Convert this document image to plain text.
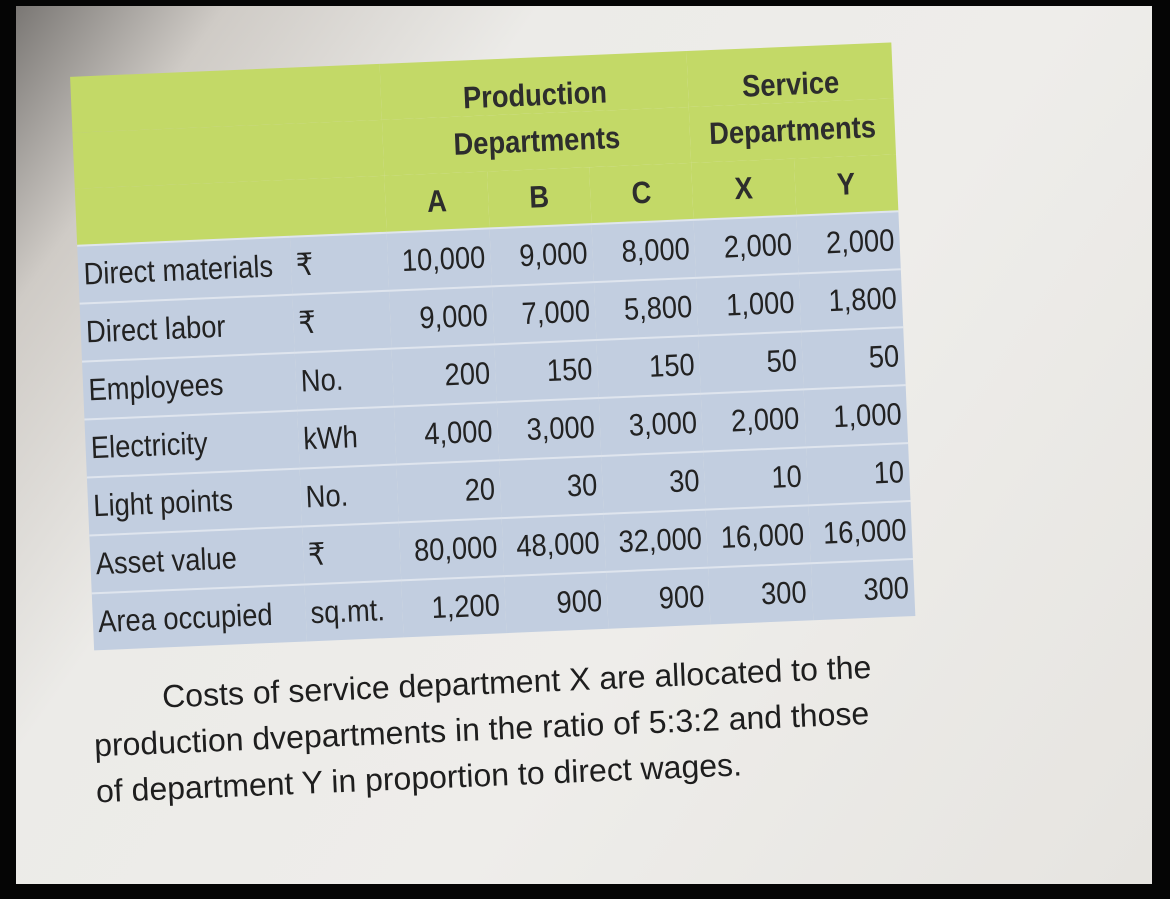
		Production			Service	
		Departments			Departments	
		A	B	C	X	Y
Direct materials	₹	10,000	9,000	8,000	2,000	2,000
Direct labor	₹	9,000	7,000	5,800	1,000	1,800
Employees	No.	200	150	150	50	50
Electricity	kWh	4,000	3,000	3,000	2,000	1,000
Light points	No.	20	30	30	10	10
Asset value	₹	80,000	48,000	32,000	16,000	16,000
Area occupied	sq.mt.	1,200	900	900	300	300

Costs of service department X are allocated to the

production dvepartments in the ratio of 5:3:2 and those

of department Y in proportion to direct wages.
